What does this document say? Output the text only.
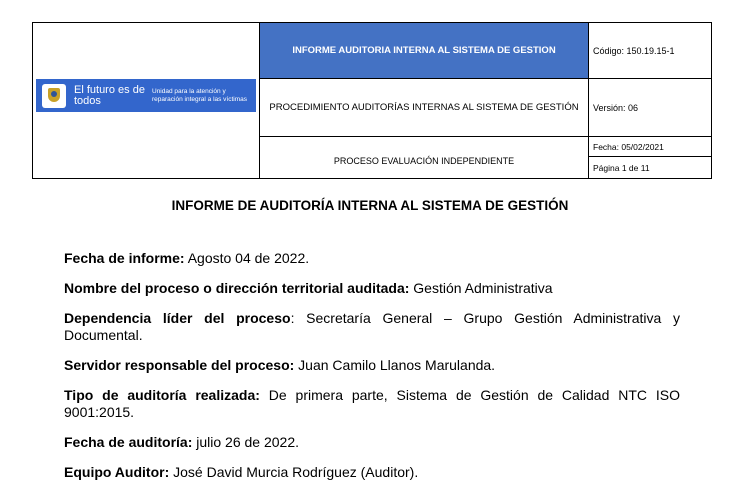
El futuro es de todos
Unidad para la atención y reparación integral a las víctimas
INFORME AUDITORIA INTERNA AL SISTEMA DE GESTION	Código: 150.19.15-1
PROCEDIMIENTO AUDITORÍAS INTERNAS AL SISTEMA DE GESTIÓN	Versión: 06
PROCESO EVALUACIÓN INDEPENDIENTE
Fecha: 05/02/2021
Página 1 de 11
INFORME DE AUDITORÍA INTERNA AL SISTEMA DE GESTIÓN

Fecha de informe: Agosto 04 de 2022.

Nombre del proceso o dirección territorial auditada: Gestión Administrativa

Dependencia líder del proceso: Secretaría General – Grupo Gestión Administrativa y Documental.

Servidor responsable del proceso: Juan Camilo Llanos Marulanda.

Tipo de auditoría realizada: De primera parte, Sistema de Gestión de Calidad NTC ISO 9001:2015.

Fecha de auditoría: julio 26 de 2022.

Equipo Auditor: José David Murcia Rodríguez (Auditor).
